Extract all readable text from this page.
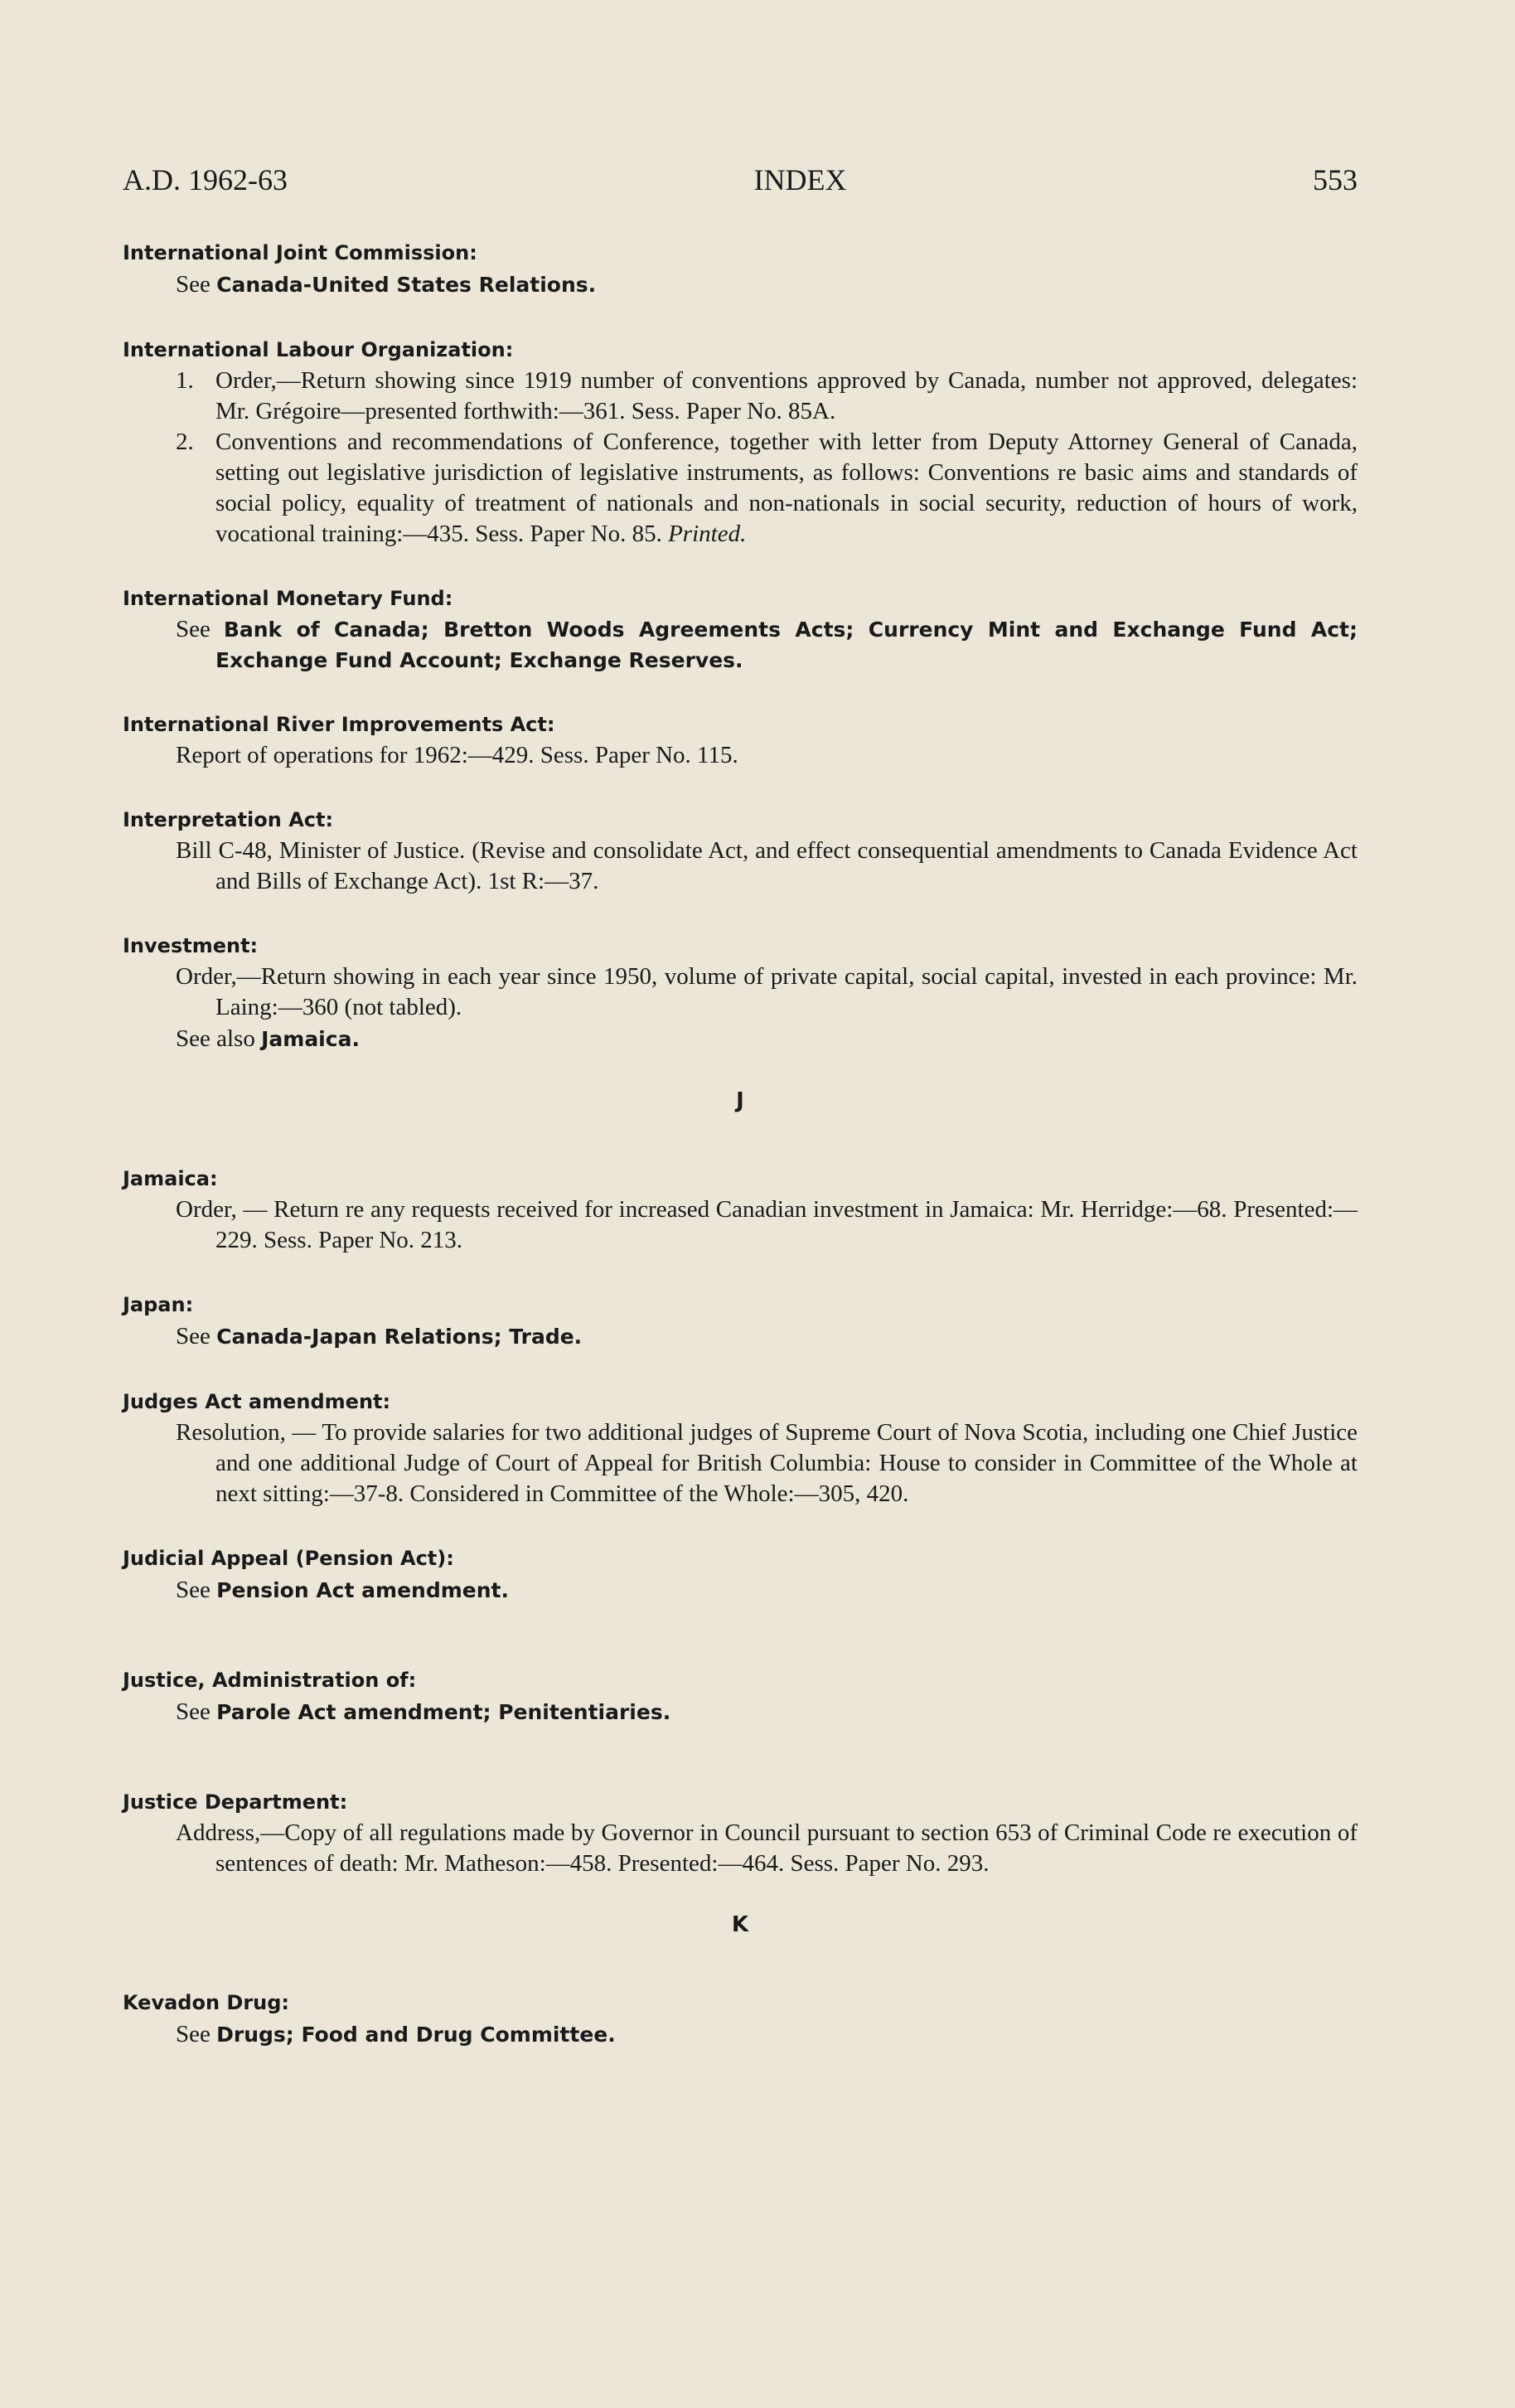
A.D. 1962-63	INDEX	553
International Joint Commission:
See Canada-United States Relations.
International Labour Organization:
1. Order,—Return showing since 1919 number of conventions approved by Canada, number not approved, delegates: Mr. Grégoire—presented forthwith:—361. Sess. Paper No. 85A.
2. Conventions and recommendations of Conference, together with letter from Deputy Attorney General of Canada, setting out legislative jurisdiction of legislative instruments, as follows: Conventions re basic aims and standards of social policy, equality of treatment of nationals and non-nationals in social security, reduction of hours of work, vocational training:—435. Sess. Paper No. 85. Printed.
International Monetary Fund:
See Bank of Canada; Bretton Woods Agreements Acts; Currency Mint and Exchange Fund Act; Exchange Fund Account; Exchange Reserves.
International River Improvements Act:
Report of operations for 1962:—429. Sess. Paper No. 115.
Interpretation Act:
Bill C-48, Minister of Justice. (Revise and consolidate Act, and effect consequential amendments to Canada Evidence Act and Bills of Exchange Act). 1st R:—37.
Investment:
Order,—Return showing in each year since 1950, volume of private capital, social capital, invested in each province: Mr. Laing:—360 (not tabled).
See also Jamaica.
J
Jamaica:
Order, — Return re any requests received for increased Canadian investment in Jamaica: Mr. Herridge:—68. Presented:—229. Sess. Paper No. 213.
Japan:
See Canada-Japan Relations; Trade.
Judges Act amendment:
Resolution, — To provide salaries for two additional judges of Supreme Court of Nova Scotia, including one Chief Justice and one additional Judge of Court of Appeal for British Columbia: House to consider in Committee of the Whole at next sitting:—37-8. Considered in Committee of the Whole:—305, 420.
Judicial Appeal (Pension Act):
See Pension Act amendment.
Justice, Administration of:
See Parole Act amendment; Penitentiaries.
Justice Department:
Address,—Copy of all regulations made by Governor in Council pursuant to section 653 of Criminal Code re execution of sentences of death: Mr. Matheson:—458. Presented:—464. Sess. Paper No. 293.
K
Kevadon Drug:
See Drugs; Food and Drug Committee.
